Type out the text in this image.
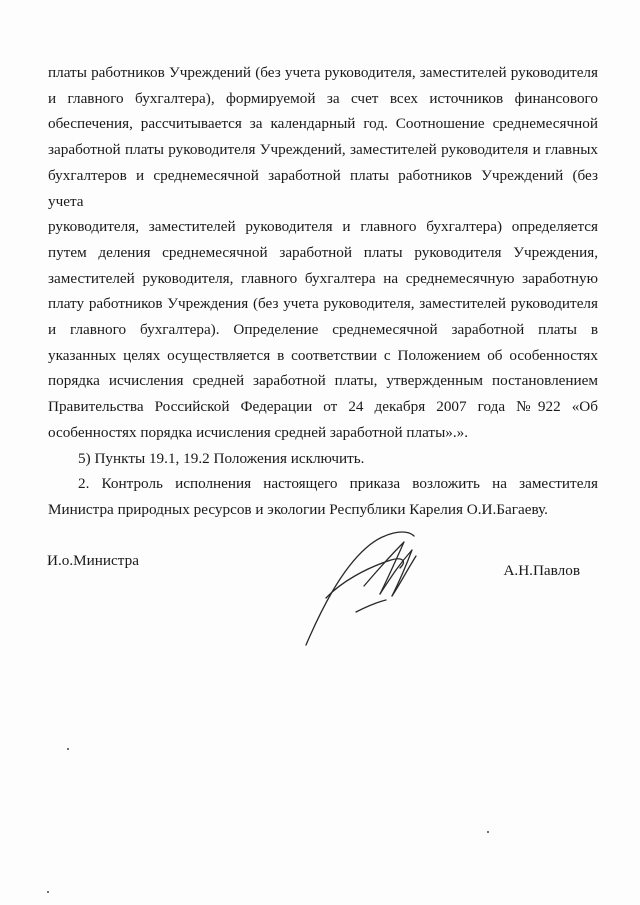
платы работников Учреждений (без учета руководителя, заместителей руководителя

и главного бухгалтера), формируемой за счет всех источников финансового

обеспечения, рассчитывается за календарный год. Соотношение среднемесячной

заработной платы руководителя Учреждений, заместителей руководителя и главных

бухгалтеров и среднемесячной заработной платы работников Учреждений (без учета

руководителя, заместителей руководителя и главного бухгалтера) определяется

путем деления среднемесячной заработной платы руководителя Учреждения,

заместителей руководителя, главного бухгалтера на среднемесячную заработную

плату работников Учреждения (без учета руководителя, заместителей руководителя

и главного бухгалтера). Определение среднемесячной заработной платы в

указанных целях осуществляется в соответствии с Положением об особенностях

порядка исчисления средней заработной платы, утвержденным постановлением

Правительства Российской Федерации от 24 декабря 2007 года №922 «Об

особенностях порядка исчисления средней заработной платы».».

5) Пункты 19.1, 19.2 Положения исключить.

2. Контроль исполнения настоящего приказа возложить на заместителя

Министра природных ресурсов и экологии Республики Карелия О.И.Багаеву.

И.о.Министра
А.Н.Павлов
